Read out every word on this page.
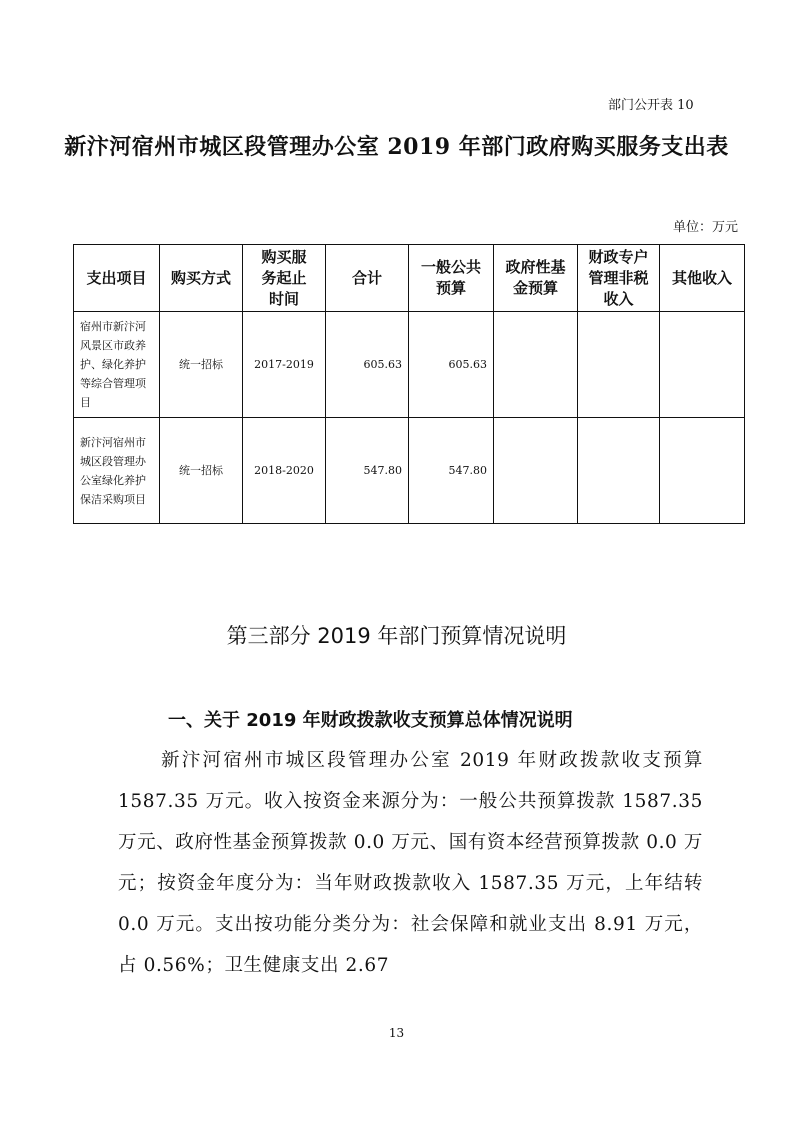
部门公开表 10
新汴河宿州市城区段管理办公室 2019 年部门政府购买服务支出表
单位：万元
支出项目	购买方式	购买服务起止时间	合计	一般公共预算	政府性基金预算	财政专户管理非税收入	其他收入
宿州市新汴河风景区市政养护、绿化养护等综合管理项目	统一招标	2017-2019	605.63	605.63			
新汴河宿州市城区段管理办公室绿化养护保洁采购项目	统一招标	2018-2020	547.80	547.80			
第三部分 2019 年部门预算情况说明
一、关于 2019 年财政拨款收支预算总体情况说明
新汴河宿州市城区段管理办公室 2019 年财政拨款收支预算 1587.35 万元。收入按资金来源分为：一般公共预算拨款 1587.35 万元、政府性基金预算拨款 0.0 万元、国有资本经营预算拨款 0.0 万元；按资金年度分为：当年财政拨款收入 1587.35 万元，上年结转 0.0 万元。支出按功能分类分为：社会保障和就业支出 8.91 万元，占 0.56%；卫生健康支出 2.67
13
